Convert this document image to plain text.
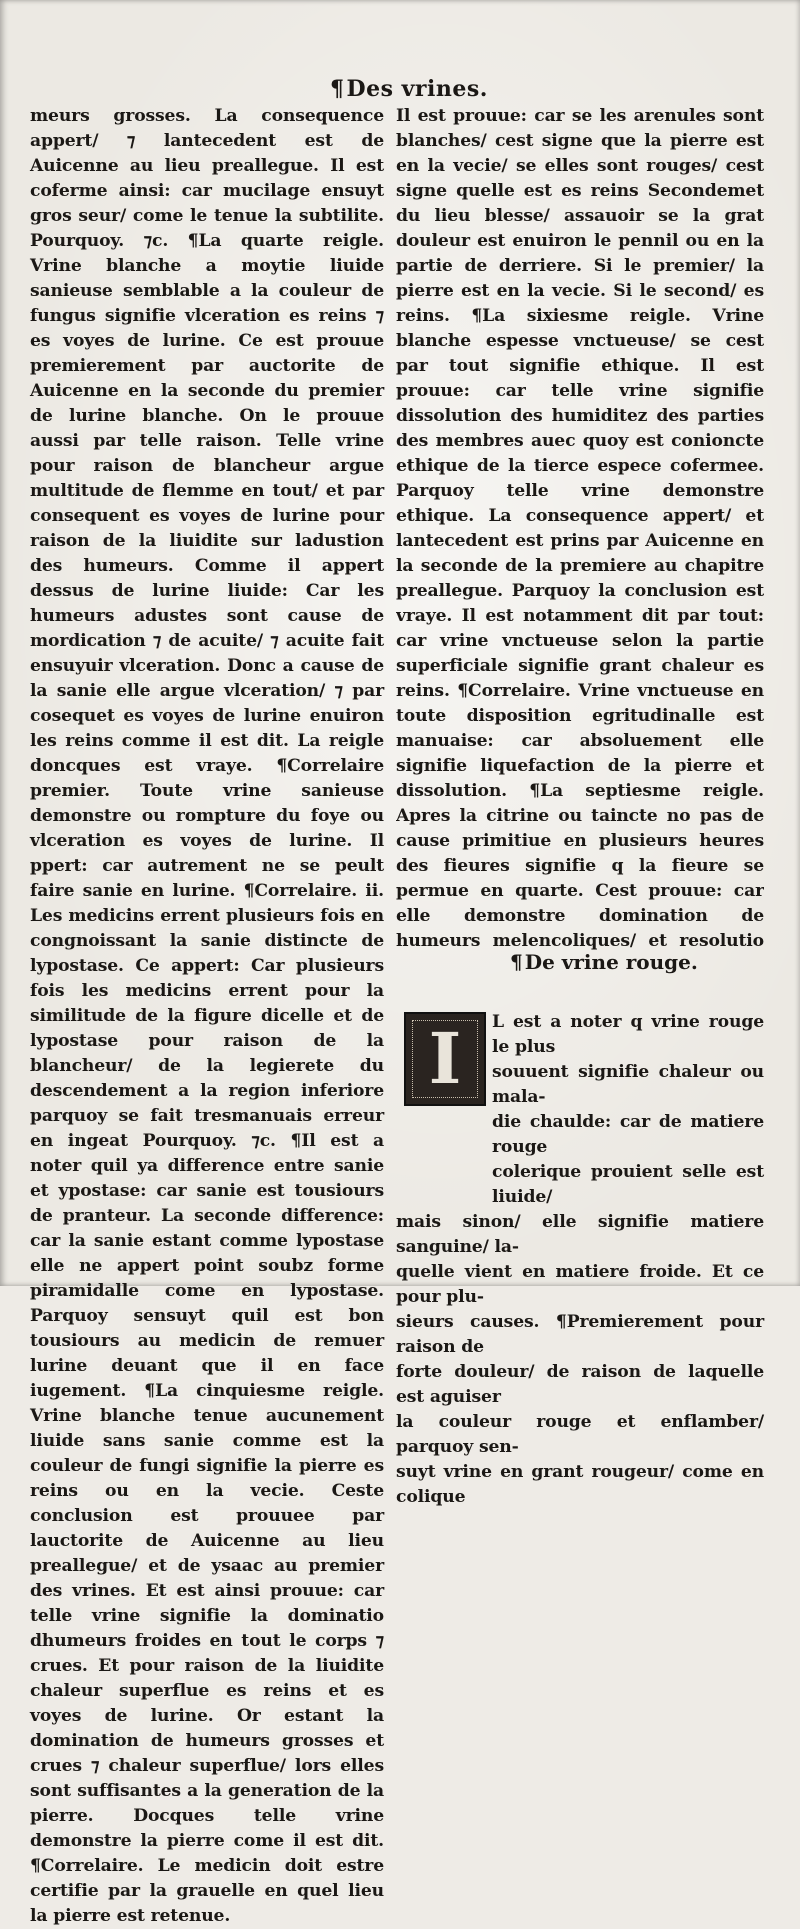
¶Des vrines.

meurs grosses. La consequence appert/ ⁊ lantecedent est de Auicenne au lieu preallegue. Il est coferme ainsi: car mucilage ensuyt gros seur/ come le tenue la subtilite. Pourquoy. ⁊c. ¶La quarte reigle. Vrine blanche a moytie liuide sanieuse semblable a la couleur de fungus signifie vlceration es reins ⁊ es voyes de lurine. Ce est prouue premierement par auctorite de Auicenne en la seconde du premier de lurine blanche. On le prouue aussi par telle raison. Telle vrine pour raison de blancheur argue multitude de flemme en tout/ et par consequent es voyes de lurine pour raison de la liuidite sur ladustion des humeurs. Comme il appert dessus de lurine liuide: Car les humeurs adustes sont cause de mordication ⁊ de acuite/ ⁊ acuite fait ensuyuir vlceration. Donc a cause de la sanie elle argue vlceration/ ⁊ par cosequet es voyes de lurine enuiron les reins comme il est dit. La reigle doncques est vraye. ¶Correlaire premier. Toute vrine sanieuse demonstre ou rompture du foye ou vlceration es voyes de lurine. Il ppert: car autrement ne se peult faire sanie en lurine. ¶Correlaire. ii. Les medicins errent plusieurs fois en congnoissant la sanie distincte de lypostase. Ce appert: Car plusieurs fois les medicins errent pour la similitude de la figure dicelle et de lypostase pour raison de la blancheur/ de la legierete du descendement a la region inferiore parquoy se fait tresmanuais erreur en ingeat Pourquoy. ⁊c. ¶Il est a noter quil ya difference entre sanie et ypostase: car sanie est tousiours de pranteur. La seconde difference: car la sanie estant comme lypostase elle ne appert point soubz forme piramidalle come en lypostase. Parquoy sensuyt quil est bon tousiours au medicin de remuer lurine deuant que il en face iugement. ¶La cinquiesme reigle. Vrine blanche tenue aucunement liuide sans sanie comme est la couleur de fungi signifie la pierre es reins ou en la vecie. Ceste conclusion est prouuee par lauctorite de Auicenne au lieu preallegue/ et de ysaac au premier des vrines. Et est ainsi prouue: car telle vrine signifie la dominatio dhumeurs froides en tout le corps ⁊ crues. Et pour raison de la liuidite chaleur superflue es reins et es voyes de lurine. Or estant la domination de humeurs grosses et crues ⁊ chaleur superflue/ lors elles sont suffisantes a la generation de la pierre. Docques telle vrine demonstre la pierre come il est dit. ¶Correlaire. Le medicin doit estre certifie par la grauelle en quel lieu la pierre est retenue.

Il est prouue: car se les arenules sont blanches/ cest signe que la pierre est en la vecie/ se elles sont rouges/ cest signe quelle est es reins Secondemet du lieu blesse/ assauoir se la grat douleur est enuiron le pennil ou en la partie de derriere. Si le premier/ la pierre est en la vecie. Si le second/ es reins. ¶La sixiesme reigle. Vrine blanche espesse vnctueuse/ se cest par tout signifie ethique. Il est prouue: car telle vrine signifie dissolution des humiditez des parties des membres auec quoy est conioncte ethique de la tierce espece cofermee. Parquoy telle vrine demonstre ethique. La consequence appert/ et lantecedent est prins par Auicenne en la seconde de la premiere au chapitre preallegue. Parquoy la conclusion est vraye. Il est notamment dit par tout: car vrine vnctueuse selon la partie superficiale signifie grant chaleur es reins. ¶Correlaire. Vrine vnctueuse en toute disposition egritudinalle est manuaise: car absoluement elle signifie liquefaction de la pierre et dissolution. ¶La septiesme reigle. Apres la citrine ou taincte no pas de cause primitiue en plusieurs heures des fieures signifie q la fieure se permue en quarte. Cest prouue: car elle demonstre domination de humeurs melencoliques/ et resolutio

¶ De vrine rouge.
I	L est a noter q vrine rouge le plus
souuent signifie chaleur ou mala-
die chaulde: car de matiere rouge
colerique prouient selle est liuide/
mais sinon/ elle signifie matiere sanguine/ la-
quelle vient en matiere froide. Et ce pour plu-
sieurs causes. ¶Premierement pour raison de
forte douleur/ de raison de laquelle est aguiser
la couleur rouge et enflamber/ parquoy sen-
suyt vrine en grant rougeur/ come en colique
